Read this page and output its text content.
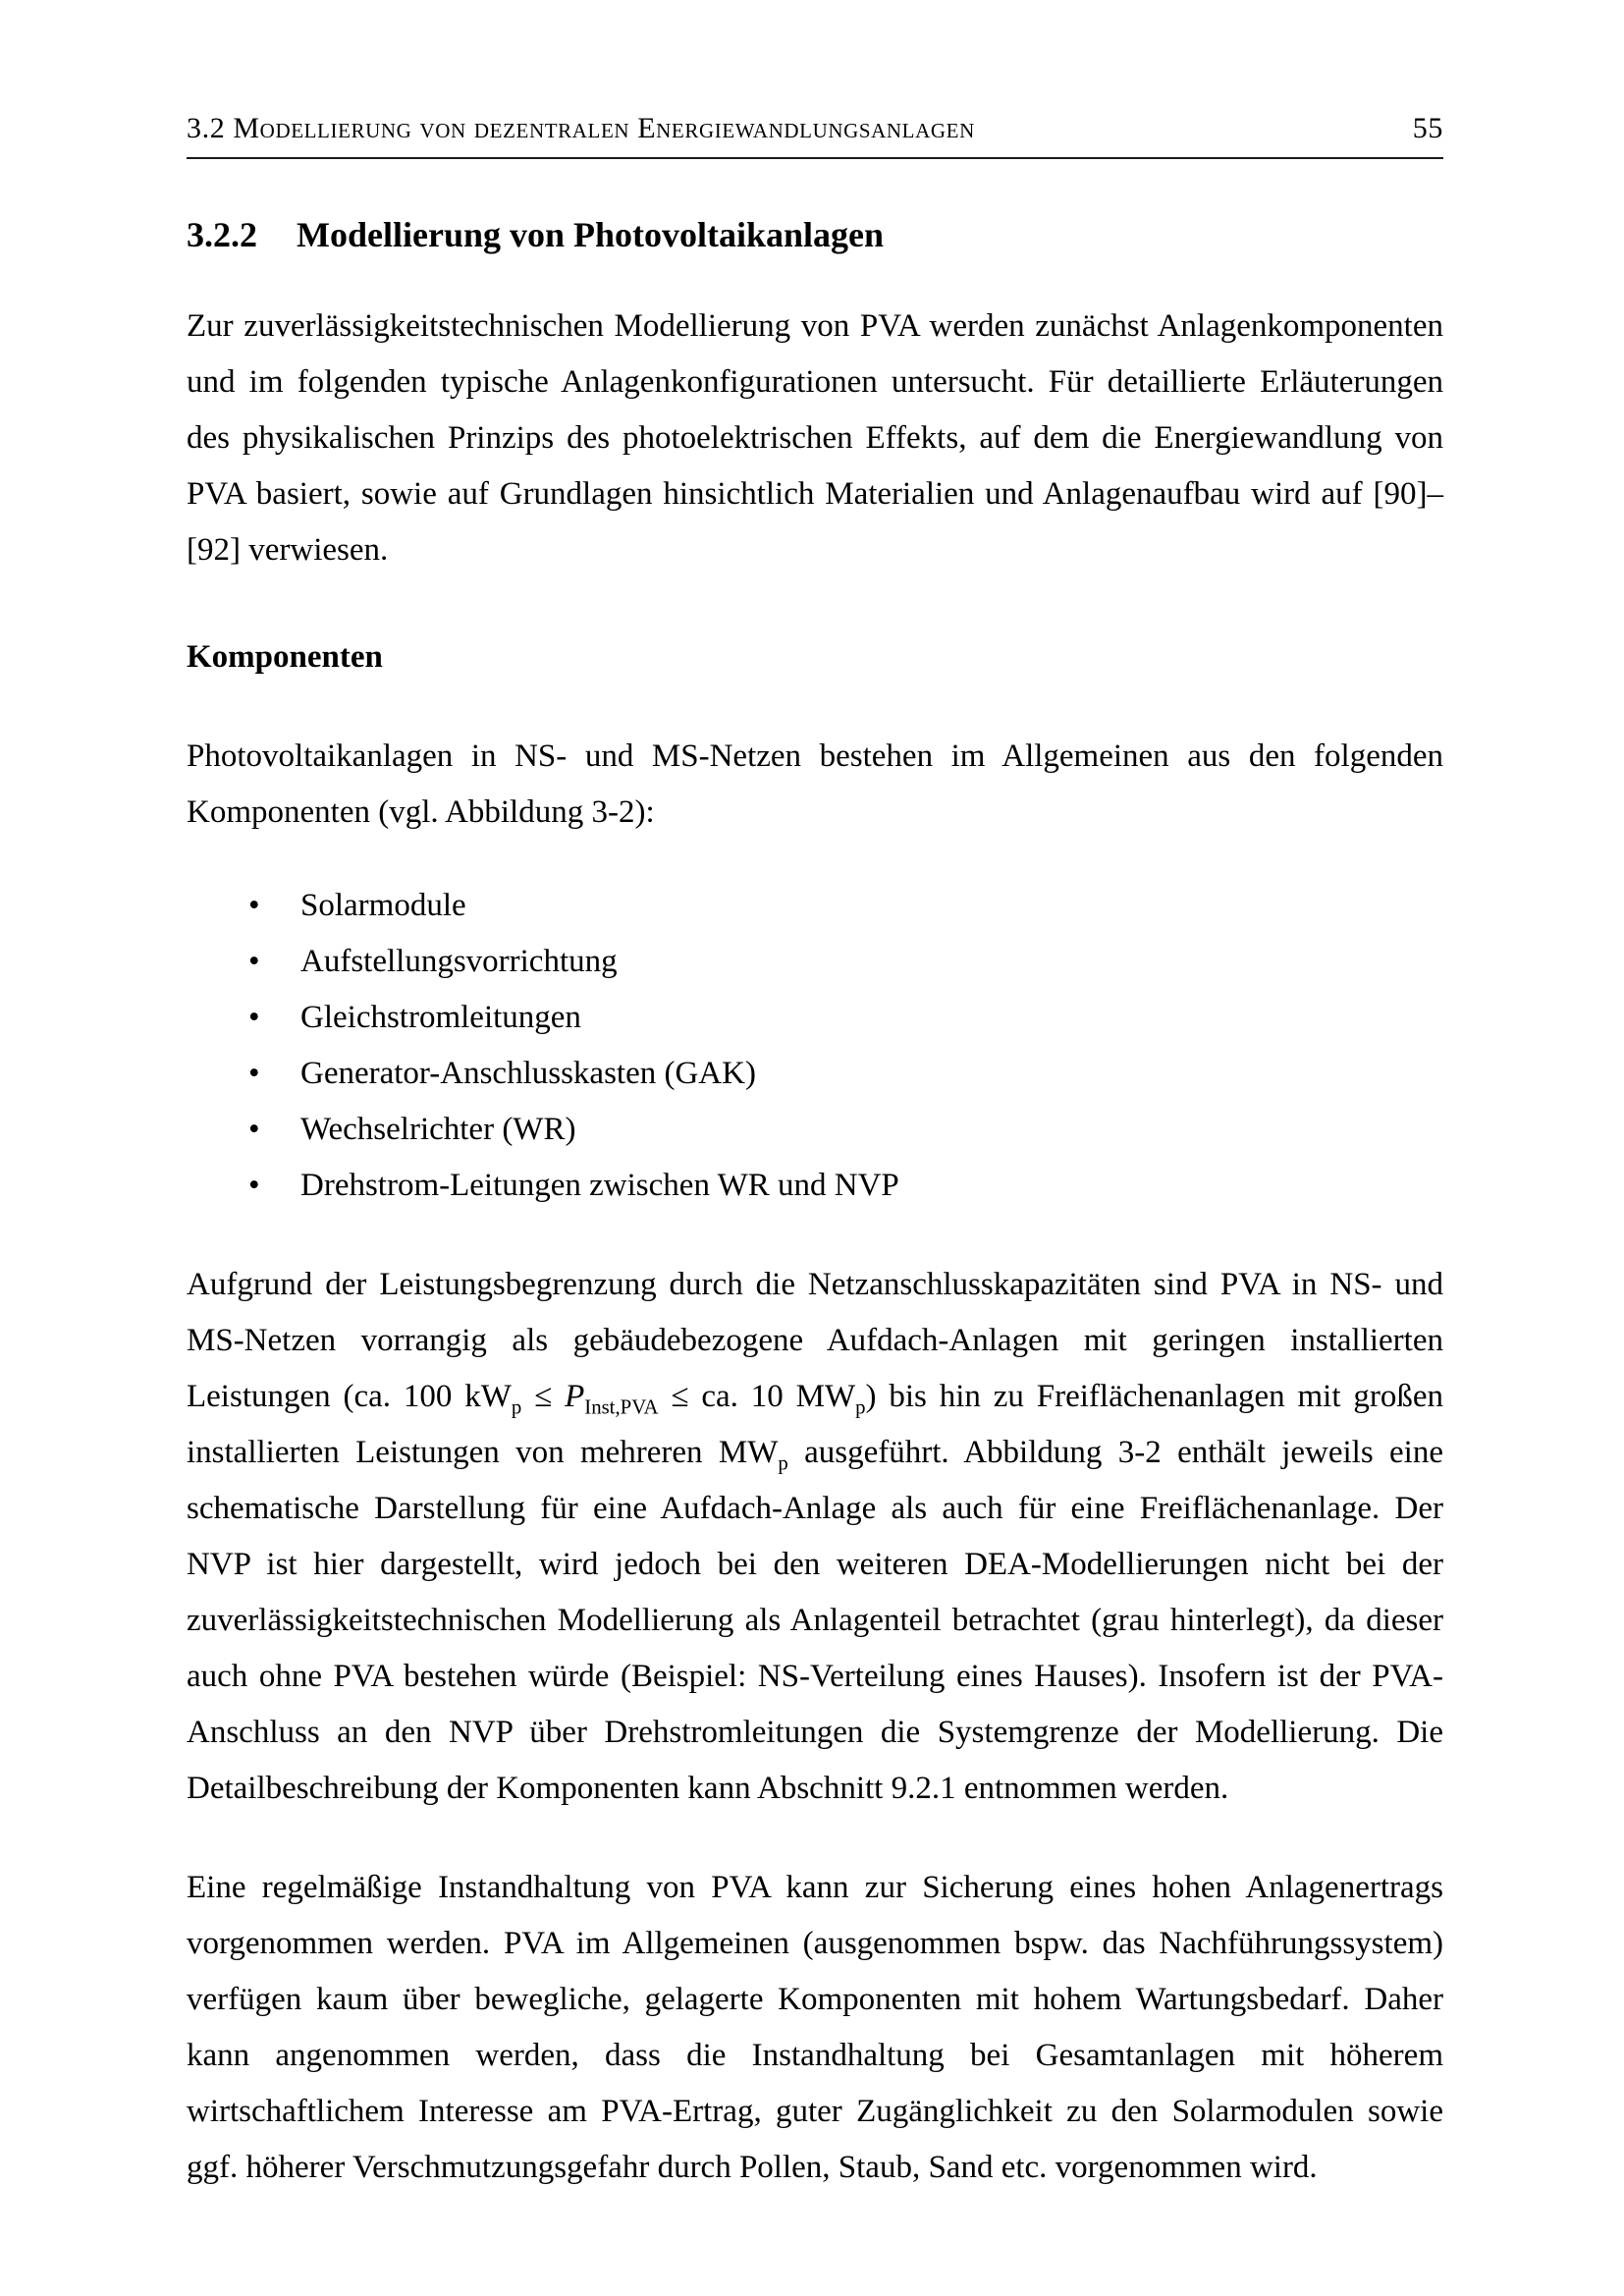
3.2 Modellierung von dezentralen Energiewandlungsanlagen	55
3.2.2	Modellierung von Photovoltaikanlagen

Zur zuverlässigkeitstechnischen Modellierung von PVA werden zunächst Anlagenkomponenten und im folgenden typische Anlagenkonfigurationen untersucht. Für detaillierte Erläuterungen des physikalischen Prinzips des photoelektrischen Effekts, auf dem die Energiewandlung von PVA basiert, sowie auf Grundlagen hinsichtlich Materialien und Anlagenaufbau wird auf [90]–[92] verwiesen.

Komponenten

Photovoltaikanlagen in NS- und MS-Netzen bestehen im Allgemeinen aus den folgenden Komponenten (vgl. Abbildung 3-2):

• Solarmodule
• Aufstellungsvorrichtung
• Gleichstromleitungen
• Generator-Anschlusskasten (GAK)
• Wechselrichter (WR)
• Drehstrom-Leitungen zwischen WR und NVP

Aufgrund der Leistungsbegrenzung durch die Netzanschlusskapazitäten sind PVA in NS- und MS-Netzen vorrangig als gebäudebezogene Aufdach-Anlagen mit geringen installierten Leistungen (ca. 100 $kW_p \le P_{Inst,PVA}$ ≤ ca. 10 $MW_p$) bis hin zu Freiflächenanlagen mit großen installierten Leistungen von mehreren $MW_p$ ausgeführt. Abbildung 3-2 enthält jeweils eine schematische Darstellung für eine Aufdach-Anlage als auch für eine Freiflächenanlage. Der NVP ist hier dargestellt, wird jedoch bei den weiteren DEA-Modellierungen nicht bei der zuverlässigkeitstechnischen Modellierung als Anlagenteil betrachtet (grau hinterlegt), da dieser auch ohne PVA bestehen würde (Beispiel: NS-Verteilung eines Hauses). Insofern ist der PVA-Anschluss an den NVP über Drehstromleitungen die Systemgrenze der Modellierung. Die Detailbeschreibung der Komponenten kann Abschnitt 9.2.1 entnommen werden.

Eine regelmäßige Instandhaltung von PVA kann zur Sicherung eines hohen Anlagenertrags vorgenommen werden. PVA im Allgemeinen (ausgenommen bspw. das Nachführungssystem) verfügen kaum über bewegliche, gelagerte Komponenten mit hohem Wartungsbedarf. Daher kann angenommen werden, dass die Instandhaltung bei Gesamtanlagen mit höherem wirtschaftlichem Interesse am PVA-Ertrag, guter Zugänglichkeit zu den Solarmodulen sowie ggf. höherer Verschmutzungsgefahr durch Pollen, Staub, Sand etc. vorgenommen wird.
